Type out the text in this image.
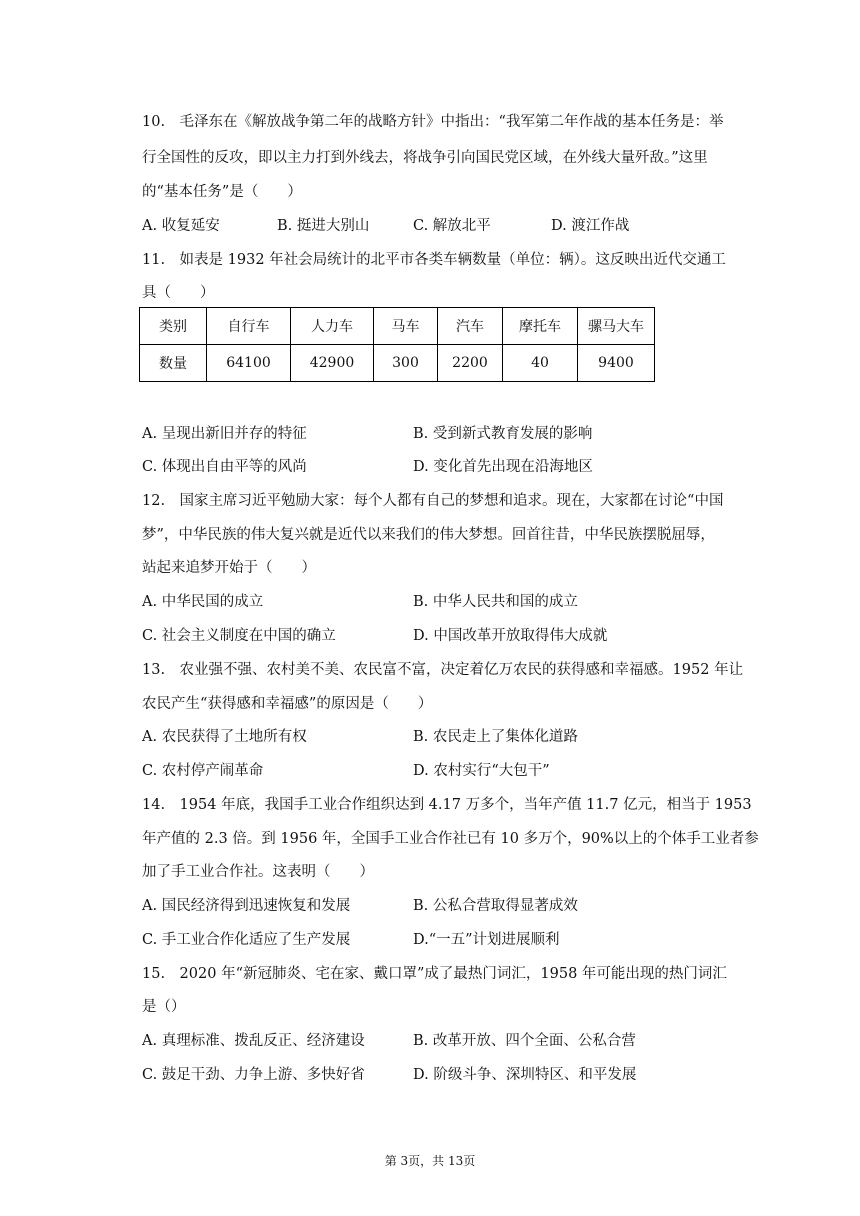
10.　毛泽东在《解放战争第二年的战略方针》中指出：“我军第二年作战的基本任务是：举
行全国性的反攻，即以主力打到外线去，将战争引向国民党区域，在外线大量歼敌。”这里
的“基本任务”是（　　）
A. 收复延安	B. 挺进大别山	C. 解放北平	D. 渡江作战
11.　如表是 1932 年社会局统计的北平市各类车辆数量（单位：辆）。这反映出近代交通工
具（　　）
类别	自行车	人力车	马车	汽车	摩托车	骡马大车
数量	64100	42900	300	2200	40	9400
A. 呈现出新旧并存的特征	B. 受到新式教育发展的影响
C. 体现出自由平等的风尚	D. 变化首先出现在沿海地区
12.　国家主席习近平勉励大家：每个人都有自己的梦想和追求。现在，大家都在讨论“中国
梦”，中华民族的伟大复兴就是近代以来我们的伟大梦想。回首往昔，中华民族摆脱屈辱，
站起来追梦开始于（　　）
A. 中华民国的成立	B. 中华人民共和国的成立
C. 社会主义制度在中国的确立	D. 中国改革开放取得伟大成就
13.　农业强不强、农村美不美、农民富不富，决定着亿万农民的获得感和幸福感。1952 年让
农民产生“获得感和幸福感”的原因是（　　）
A. 农民获得了土地所有权	B. 农民走上了集体化道路
C. 农村停产闹革命	D. 农村实行“大包干”
14.　1954 年底，我国手工业合作组织达到 4.17 万多个，当年产值 11.7 亿元，相当于 1953
年产值的 2.3 倍。到 1956 年，全国手工业合作社已有 10 多万个，90%以上的个体手工业者参
加了手工业合作社。这表明（　　）
A. 国民经济得到迅速恢复和发展	B. 公私合营取得显著成效
C. 手工业合作化适应了生产发展	D.“一五”计划进展顺利
15.　2020 年“新冠肺炎、宅在家、戴口罩”成了最热门词汇，1958 年可能出现的热门词汇
是（）
A. 真理标准、拨乱反正、经济建设	B. 改革开放、四个全面、公私合营
C. 鼓足干劲、力争上游、多快好省	D. 阶级斗争、深圳特区、和平发展
第 3页，共 13页
